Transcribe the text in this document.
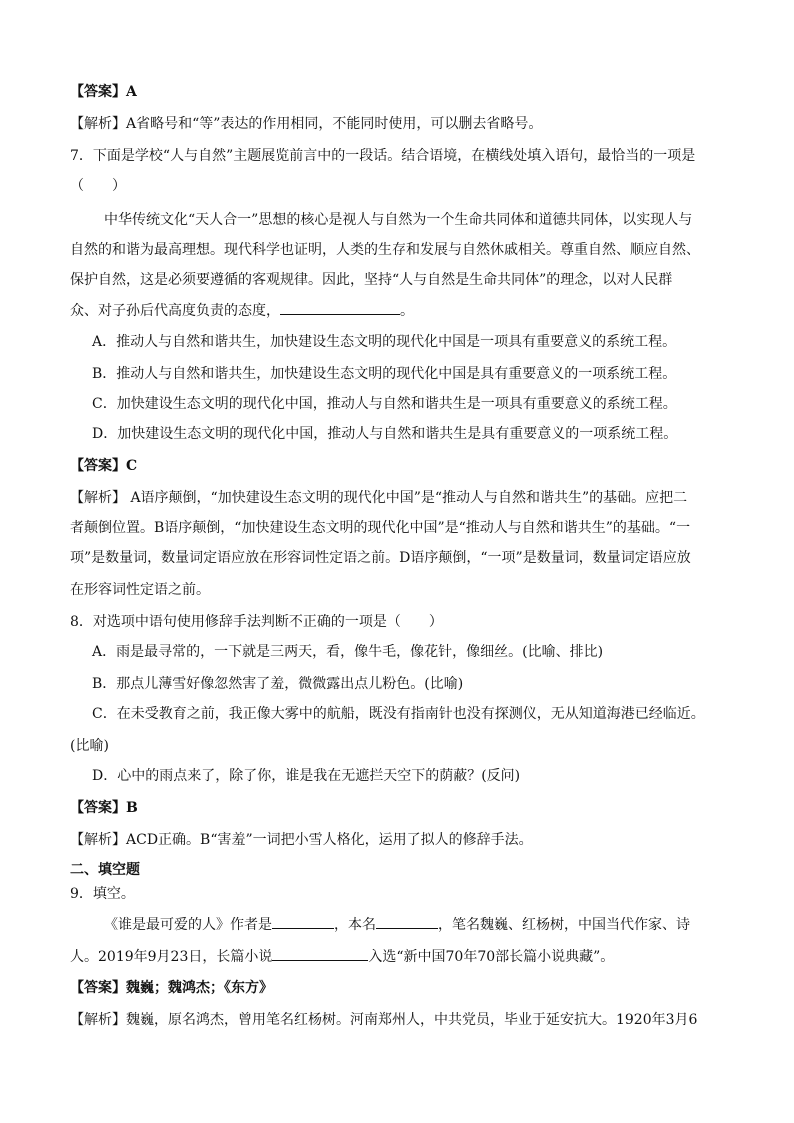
【答案】A
【解析】A省略号和“等”表达的作用相同，不能同时使用，可以删去省略号。
7．下面是学校“人与自然”主题展览前言中的一段话。结合语境，在横线处填入语句，最恰当的一项是
（　　）
中华传统文化“天人合一”思想的核心是视人与自然为一个生命共同体和道德共同体，以实现人与
自然的和谐为最高理想。现代科学也证明，人类的生存和发展与自然休戚相关。尊重自然、顺应自然、
保护自然，这是必须要遵循的客观规律。因此，坚持“人与自然是生命共同体”的理念，以对人民群
众、对子孙后代高度负责的态度，	。
A．推动人与自然和谐共生，加快建设生态文明的现代化中国是一项具有重要意义的系统工程。
B．推动人与自然和谐共生，加快建设生态文明的现代化中国是具有重要意义的一项系统工程。
C．加快建设生态文明的现代化中国，推动人与自然和谐共生是一项具有重要意义的系统工程。
D．加快建设生态文明的现代化中国，推动人与自然和谐共生是具有重要意义的一项系统工程。
【答案】C
【解析】 A语序颠倒，“加快建设生态文明的现代化中国”是“推动人与自然和谐共生”的基础。应把二
者颠倒位置。B语序颠倒，“加快建设生态文明的现代化中国”是“推动人与自然和谐共生”的基础。“一
项”是数量词，数量词定语应放在形容词性定语之前。D语序颠倒，“一项”是数量词，数量词定语应放
在形容词性定语之前。
8．对选项中语句使用修辞手法判断不正确的一项是（　　）
A．雨是最寻常的，一下就是三两天，看，像牛毛，像花针，像细丝。(比喻、排比)
B．那点儿薄雪好像忽然害了羞，微微露出点儿粉色。(比喻)
C．在未受教育之前，我正像大雾中的航船，既没有指南针也没有探测仪，无从知道海港已经临近。
(比喻)
D．心中的雨点来了，除了你，谁是我在无遮拦天空下的荫蔽？(反问)
【答案】B
【解析】ACD正确。B“害羞”一词把小雪人格化，运用了拟人的修辞手法。
二、填空题
9．填空。
《谁是最可爱的人》作者是	，本名	，笔名魏巍、红杨树，中国当代作家、诗
人。2019年9月23日，长篇小说	入选“新中国70年70部长篇小说典藏”。
【答案】魏巍；魏鸿杰；《东方》
【解析】魏巍，原名鸿杰，曾用笔名红杨树。河南郑州人，中共党员，毕业于延安抗大。1920年3月6
